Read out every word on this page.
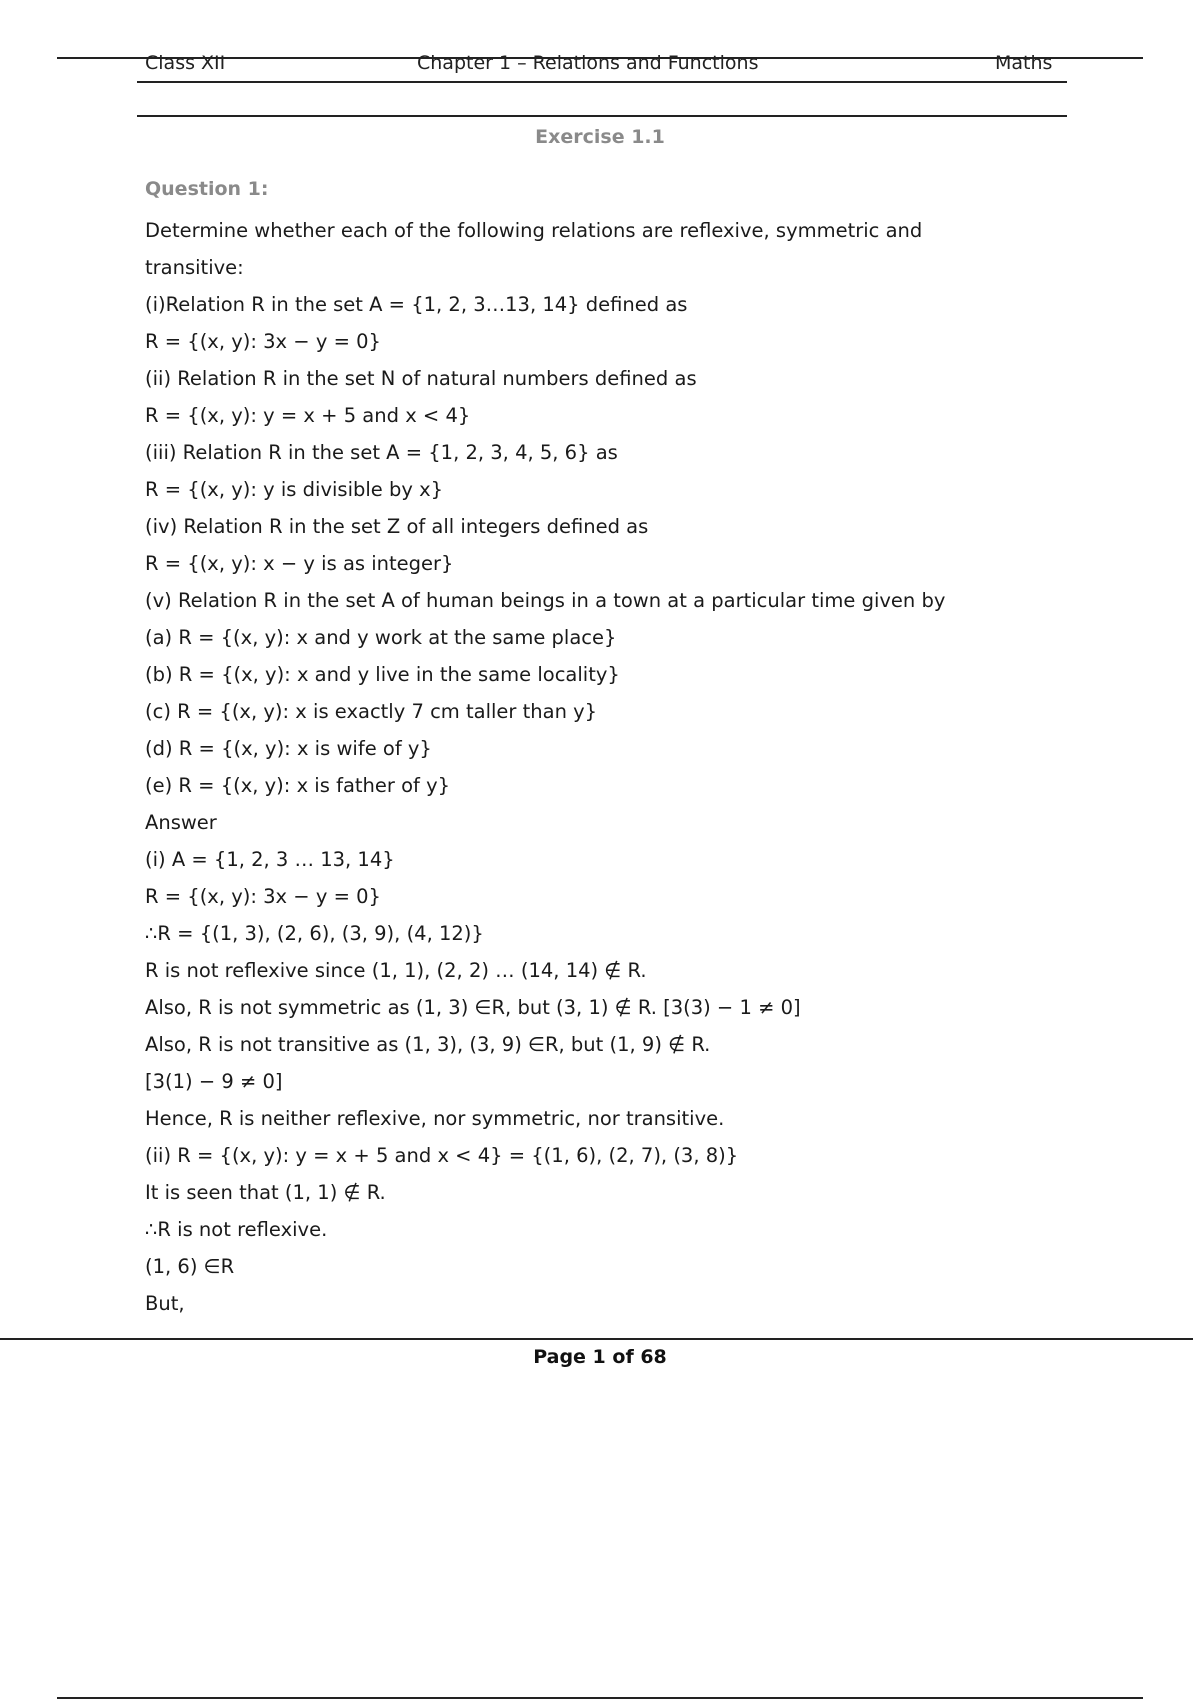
Class XII	Chapter 1 – Relations and Functions	Maths
Exercise 1.1
Question 1:
Determine whether each of the following relations are reflexive, symmetric and
transitive:
(i)Relation R in the set A = {1, 2, 3…13, 14} defined as
R = {(x, y): 3x − y = 0}
(ii) Relation R in the set N of natural numbers defined as
R = {(x, y): y = x + 5 and x < 4}
(iii) Relation R in the set A = {1, 2, 3, 4, 5, 6} as
R = {(x, y): y is divisible by x}
(iv) Relation R in the set Z of all integers defined as
R = {(x, y): x − y is as integer}
(v) Relation R in the set A of human beings in a town at a particular time given by
(a) R = {(x, y): x and y work at the same place}
(b) R = {(x, y): x and y live in the same locality}
(c) R = {(x, y): x is exactly 7 cm taller than y}
(d) R = {(x, y): x is wife of y}
(e) R = {(x, y): x is father of y}
Answer
(i) A = {1, 2, 3 … 13, 14}
R = {(x, y): 3x − y = 0}
∴R = {(1, 3), (2, 6), (3, 9), (4, 12)}
R is not reflexive since (1, 1), (2, 2) … (14, 14) ∉ R.
Also, R is not symmetric as (1, 3) ∈R, but (3, 1) ∉ R. [3(3) − 1 ≠ 0]
Also, R is not transitive as (1, 3), (3, 9) ∈R, but (1, 9) ∉ R.
[3(1) − 9 ≠ 0]
Hence, R is neither reflexive, nor symmetric, nor transitive.
(ii) R = {(x, y): y = x + 5 and x < 4} = {(1, 6), (2, 7), (3, 8)}
It is seen that (1, 1) ∉ R.
∴R is not reflexive.
(1, 6) ∈R
But,
Page 1 of 68
